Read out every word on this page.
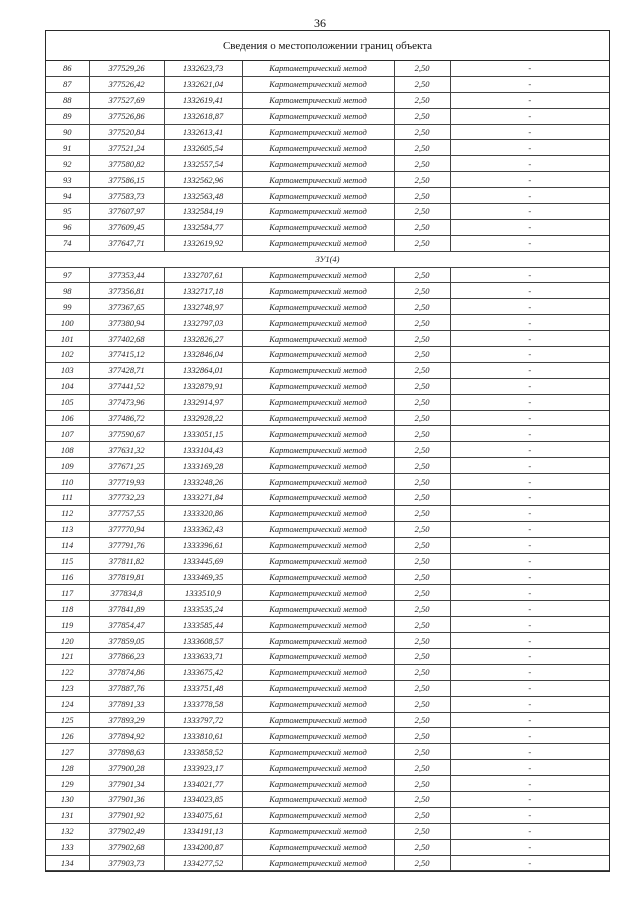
36
Сведения о местоположении границ объекта
86	377529,26	1332623,73	Картометрический метод	2,50	-
87	377526,42	1332621,04	Картометрический метод	2,50	-
88	377527,69	1332619,41	Картометрический метод	2,50	-
89	377526,86	1332618,87	Картометрический метод	2,50	-
90	377520,84	1332613,41	Картометрический метод	2,50	-
91	377521,24	1332605,54	Картометрический метод	2,50	-
92	377580,82	1332557,54	Картометрический метод	2,50	-
93	377586,15	1332562,96	Картометрический метод	2,50	-
94	377583,73	1332563,48	Картометрический метод	2,50	-
95	377607,97	1332584,19	Картометрический метод	2,50	-
96	377609,45	1332584,77	Картометрический метод	2,50	-
74	377647,71	1332619,92	Картометрический метод	2,50	-
ЗУ1(4)					
97	377353,44	1332707,61	Картометрический метод	2,50	-
98	377356,81	1332717,18	Картометрический метод	2,50	-
99	377367,65	1332748,97	Картометрический метод	2,50	-
100	377380,94	1332797,03	Картометрический метод	2,50	-
101	377402,68	1332826,27	Картометрический метод	2,50	-
102	377415,12	1332846,04	Картометрический метод	2,50	-
103	377428,71	1332864,01	Картометрический метод	2,50	-
104	377441,52	1332879,91	Картометрический метод	2,50	-
105	377473,96	1332914,97	Картометрический метод	2,50	-
106	377486,72	1332928,22	Картометрический метод	2,50	-
107	377590,67	1333051,15	Картометрический метод	2,50	-
108	377631,32	1333104,43	Картометрический метод	2,50	-
109	377671,25	1333169,28	Картометрический метод	2,50	-
110	377719,93	1333248,26	Картометрический метод	2,50	-
111	377732,23	1333271,84	Картометрический метод	2,50	-
112	377757,55	1333320,86	Картометрический метод	2,50	-
113	377770,94	1333362,43	Картометрический метод	2,50	-
114	377791,76	1333396,61	Картометрический метод	2,50	-
115	377811,82	1333445,69	Картометрический метод	2,50	-
116	377819,81	1333469,35	Картометрический метод	2,50	-
117	377834,8	1333510,9	Картометрический метод	2,50	-
118	377841,89	1333535,24	Картометрический метод	2,50	-
119	377854,47	1333585,44	Картометрический метод	2,50	-
120	377859,05	1333608,57	Картометрический метод	2,50	-
121	377866,23	1333633,71	Картометрический метод	2,50	-
122	377874,86	1333675,42	Картометрический метод	2,50	-
123	377887,76	1333751,48	Картометрический метод	2,50	-
124	377891,33	1333778,58	Картометрический метод	2,50	-
125	377893,29	1333797,72	Картометрический метод	2,50	-
126	377894,92	1333810,61	Картометрический метод	2,50	-
127	377898,63	1333858,52	Картометрический метод	2,50	-
128	377900,28	1333923,17	Картометрический метод	2,50	-
129	377901,34	1334021,77	Картометрический метод	2,50	-
130	377901,36	1334023,85	Картометрический метод	2,50	-
131	377901,92	1334075,61	Картометрический метод	2,50	-
132	377902,49	1334191,13	Картометрический метод	2,50	-
133	377902,68	1334200,87	Картометрический метод	2,50	-
134	377903,73	1334277,52	Картометрический метод	2,50	-
